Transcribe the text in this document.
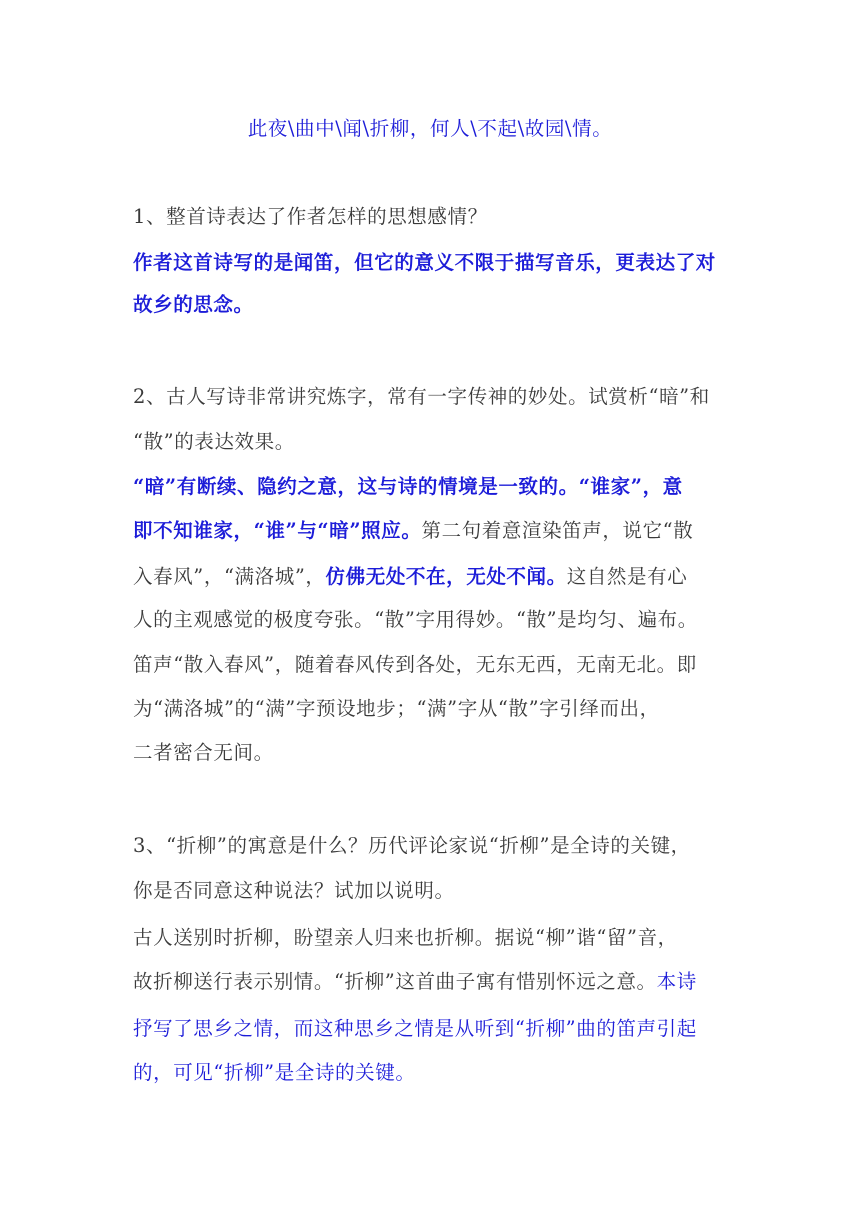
此夜\曲中\闻\折柳，何人\不起\故园\情。
1、整首诗表达了作者怎样的思想感情？
作者这首诗写的是闻笛，但它的意义不限于描写音乐，更表达了对
故乡的思念。
2、古人写诗非常讲究炼字，常有一字传神的妙处。试赏析“暗”和
“散”的表达效果。
“暗”有断续、隐约之意，这与诗的情境是一致的。“谁家”，意
即不知谁家，“谁”与“暗”照应。第二句着意渲染笛声，说它“散
入春风”，“满洛城”，仿佛无处不在，无处不闻。这自然是有心
人的主观感觉的极度夸张。“散”字用得妙。“散”是均匀、遍布。
笛声“散入春风”，随着春风传到各处，无东无西，无南无北。即
为“满洛城”的“满”字预设地步；“满”字从“散”字引绎而出，
二者密合无间。
3、“折柳”的寓意是什么？历代评论家说“折柳”是全诗的关键，
你是否同意这种说法？试加以说明。
古人送别时折柳，盼望亲人归来也折柳。据说“柳”谐“留”音，
故折柳送行表示别情。“折柳”这首曲子寓有惜别怀远之意。本诗
抒写了思乡之情，而这种思乡之情是从听到“折柳”曲的笛声引起
的，可见“折柳”是全诗的关键。
